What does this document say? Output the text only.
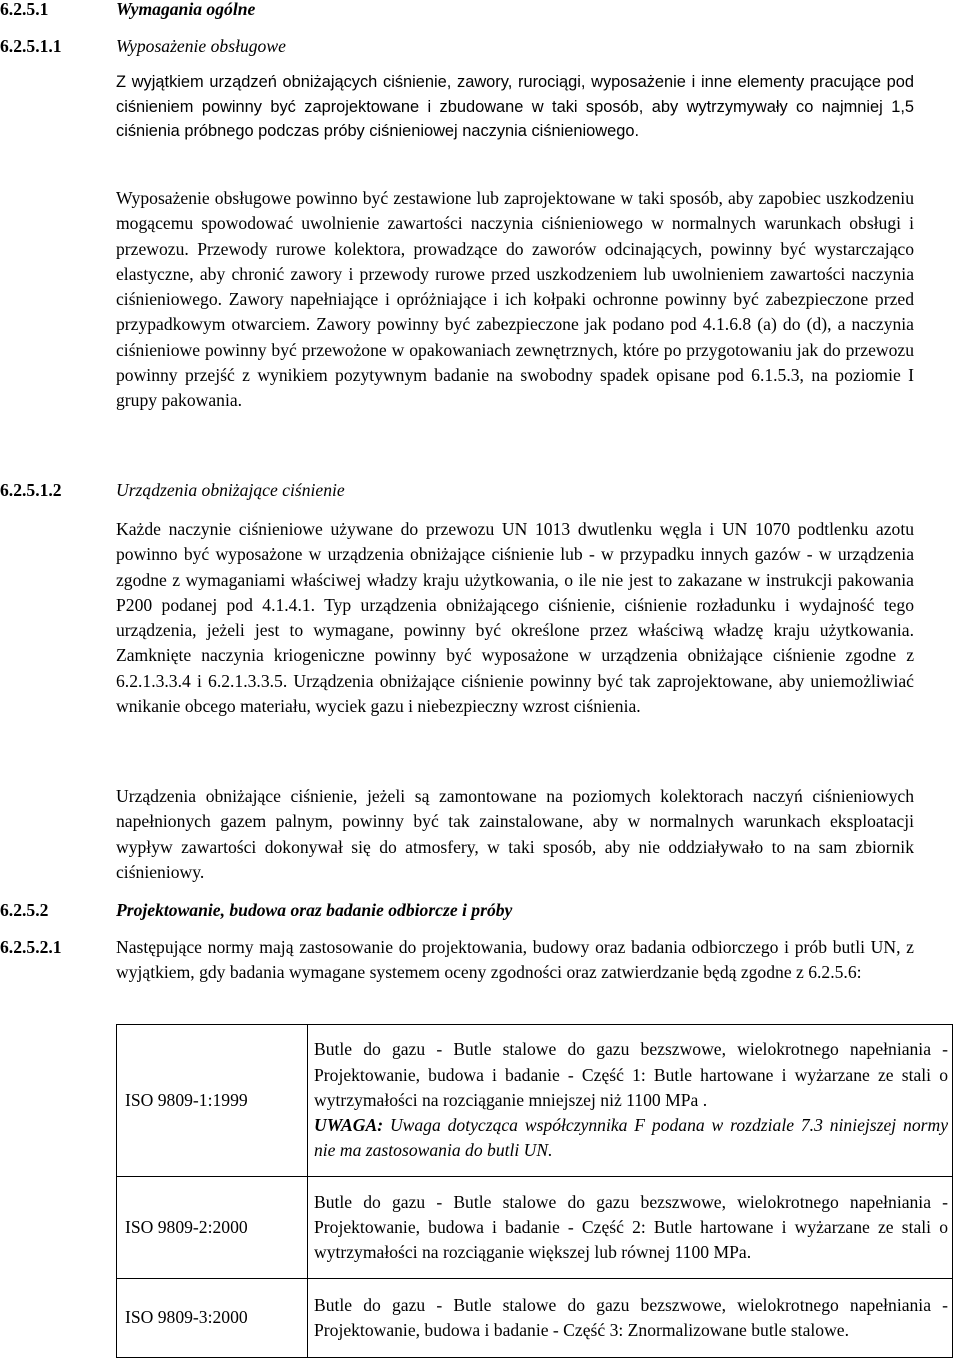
6.2.5.1	Wymagania ogólne
6.2.5.1.1	Wyposażenie obsługowe

Z wyjątkiem urządzeń obniżających ciśnienie, zawory, rurociągi, wyposażenie i inne elementy pracujące pod ciśnieniem powinny być zaprojektowane i zbudowane w taki sposób, aby wytrzymywały co najmniej 1,5 ciśnienia próbnego podczas próby ciśnieniowej naczynia ciśnieniowego.

Wyposażenie obsługowe powinno być zestawione lub zaprojektowane w taki sposób, aby zapobiec uszkodzeniu mogącemu spowodować uwolnienie zawartości naczynia ciśnieniowego w normalnych warunkach obsługi i przewozu. Przewody rurowe kolektora, prowadzące do zaworów odcinających, powinny być wystarczająco elastyczne, aby chronić zawory i przewody rurowe przed uszkodzeniem lub uwolnieniem zawartości naczynia ciśnieniowego. Zawory napełniające i opróżniające i ich kołpaki ochronne powinny być zabezpieczone przed przypadkowym otwarciem. Zawory powinny być zabezpieczone jak podano pod 4.1.6.8 (a) do (d), a naczynia ciśnieniowe powinny być przewożone w opakowaniach zewnętrznych, które po przygotowaniu jak do przewozu powinny przejść z wynikiem pozytywnym badanie na swobodny spadek opisane pod 6.1.5.3, na poziomie I grupy pakowania.

6.2.5.1.2	Urządzenia obniżające ciśnienie

Każde naczynie ciśnieniowe używane do przewozu UN 1013 dwutlenku węgla i UN 1070 podtlenku azotu powinno być wyposażone w urządzenia obniżające ciśnienie lub - w przypadku innych gazów - w urządzenia zgodne z wymaganiami właściwej władzy kraju użytkowania, o ile nie jest to zakazane w instrukcji pakowania P200 podanej pod 4.1.4.1. Typ urządzenia obniżającego ciśnienie, ciśnienie rozładunku i wydajność tego urządzenia, jeżeli jest to wymagane, powinny być określone przez właściwą władzę kraju użytkowania. Zamknięte naczynia kriogeniczne powinny być wyposażone w urządzenia obniżające ciśnienie zgodne z 6.2.1.3.3.4 i 6.2.1.3.3.5. Urządzenia obniżające ciśnienie powinny być tak zaprojektowane, aby uniemożliwiać wnikanie obcego materiału, wyciek gazu i niebezpieczny wzrost ciśnienia.

Urządzenia obniżające ciśnienie, jeżeli są zamontowane na poziomych kolektorach naczyń ciśnieniowych napełnionych gazem palnym, powinny być tak zainstalowane, aby w normalnych warunkach eksploatacji wypływ zawartości dokonywał się do atmosfery, w taki sposób, aby nie oddziaływało to na sam zbiornik ciśnieniowy.

6.2.5.2	Projektowanie, budowa oraz badanie odbiorcze i próby
6.2.5.2.1	Następujące normy mają zastosowanie do projektowania, budowy oraz badania odbiorczego i prób butli UN, z wyjątkiem, gdy badania wymagane systemem oceny zgodności oraz zatwierdzanie będą zgodne z 6.2.5.6:

ISO 9809-1:1999	Butle do gazu - Butle stalowe do gazu bezszwowe, wielokrotnego napełniania - Projektowanie, budowa i badanie - Część 1: Butle hartowane i wyżarzane ze stali o wytrzymałości na rozciąganie mniejszej niż 1100 MPa .
UWAGA: Uwaga dotycząca współczynnika F podana w rozdziale 7.3 niniejszej normy nie ma zastosowania do butli UN.
ISO 9809-2:2000	Butle do gazu - Butle stalowe do gazu bezszwowe, wielokrotnego napełniania - Projektowanie, budowa i badanie - Część 2: Butle hartowane i wyżarzane ze stali o wytrzymałości na rozciąganie większej lub równej 1100 MPa.
ISO 9809-3:2000	Butle do gazu - Butle stalowe do gazu bezszwowe, wielokrotnego napełniania - Projektowanie, budowa i badanie - Część 3: Znormalizowane butle stalowe.
